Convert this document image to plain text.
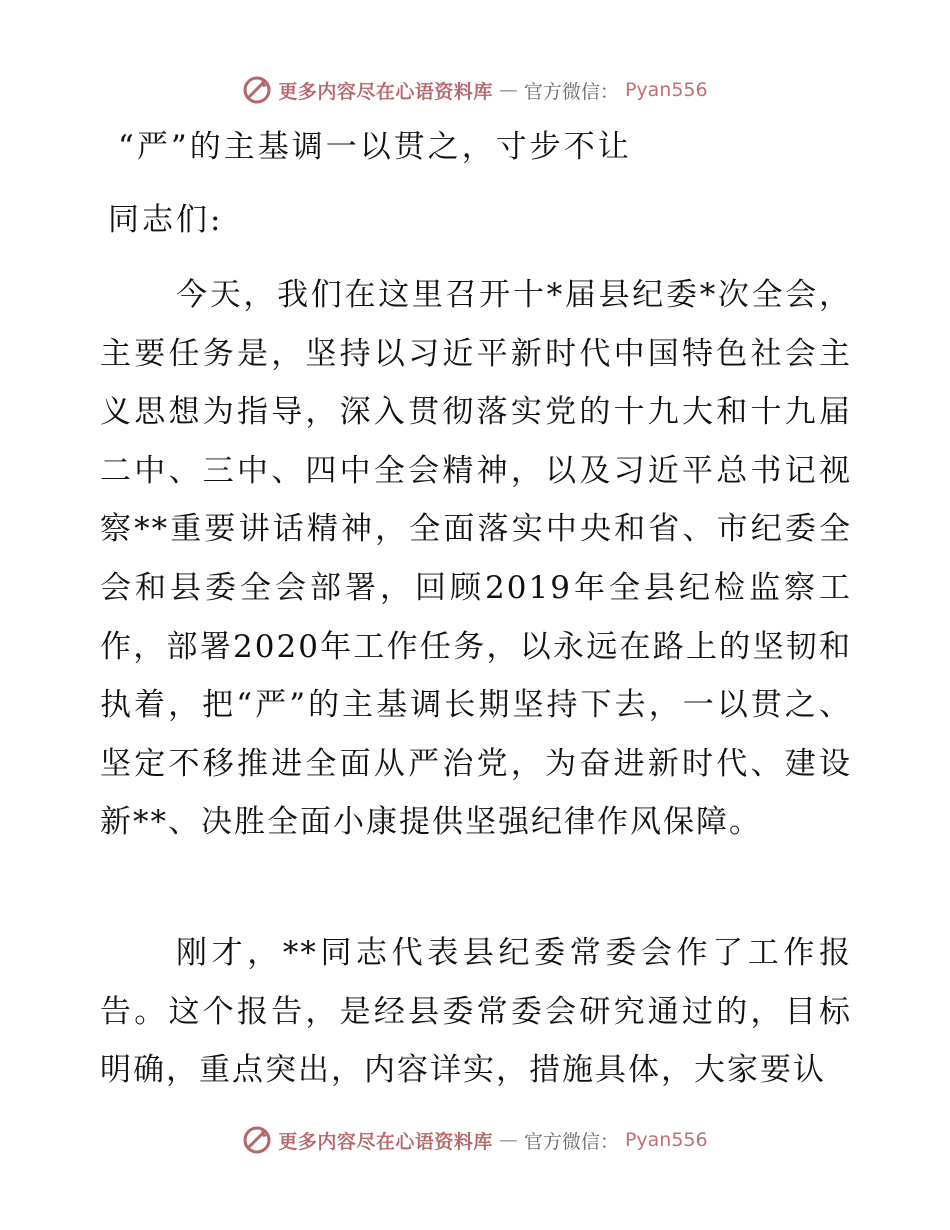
更多内容尽在心语资料库 — 官方微信： Pyan556
“严”的主基调一以贯之，寸步不让
同志们:

今天，我们在这里召开十*届县纪委*次全会，主要任务是，坚持以习近平新时代中国特色社会主义思想为指导，深入贯彻落实党的十九大和十九届二中、三中、四中全会精神，以及习近平总书记视察**重要讲话精神，全面落实中央和省、市纪委全会和县委全会部署，回顾2019年全县纪检监察工作，部署2020年工作任务，以永远在路上的坚韧和执着，把“严”的主基调长期坚持下去，一以贯之、坚定不移推进全面从严治党，为奋进新时代、建设新**、决胜全面小康提供坚强纪律作风保障。

刚才，**同志代表县纪委常委会作了工作报告。这个报告，是经县委常委会研究通过的，目标明确，重点突出，内容详实，措施具体，大家要认

更多内容尽在心语资料库 — 官方微信： Pyan556
